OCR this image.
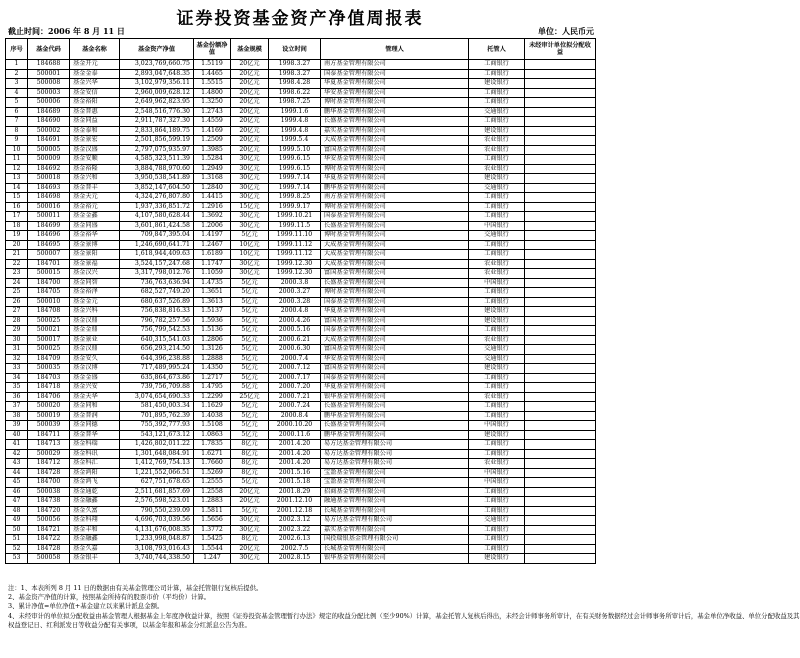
证券投资基金资产净值周报表
截止时间：2006 年 8 月 11 日	单位：人民币元
序号	基金代码	基金名称	基金资产净值	基金份额净值	基金规模	设立时间	管理人	托管人	未经审计单位拟分配收益
1	184688	基金开元	3,023,769,660.75	1.5119	20亿元	1998.3.27	南方基金管理有限公司	工商银行	
2	500001	基金金泰	2,893,047,648.35	1.4465	20亿元	1998.3.27	国泰基金管理有限公司	工商银行	
3	500008	基金兴华	3,102,979,356.11	1.5515	20亿元	1998.4.28	华夏基金管理有限公司	建设银行	
4	500003	基金安信	2,960,009,628.12	1.4800	20亿元	1998.6.22	华安基金管理有限公司	工商银行	
5	500006	基金裕阳	2,649,962,823.95	1.3250	20亿元	1998.7.25	博时基金管理有限公司	工商银行	
6	184689	基金普惠	2,548,516,776.30	1.2743	20亿元	1999.1.6	鹏华基金管理有限公司	交通银行	
7	184690	基金同益	2,911,787,327.30	1.4559	20亿元	1999.4.8	长盛基金管理有限公司	工商银行	
8	500002	基金泰和	2,833,864,189.75	1.4169	20亿元	1999.4.8	嘉实基金管理有限公司	建设银行	
9	184691	基金景宏	2,501,856,599.19	1.2509	20亿元	1999.5.4	大成基金管理有限公司	农业银行	
10	500005	基金汉盛	2,797,075,935.97	1.3985	20亿元	1999.5.10	富国基金管理有限公司	农业银行	
11	500009	基金安顺	4,585,323,511.39	1.5284	30亿元	1999.6.15	华安基金管理有限公司	工商银行	
12	184692	基金裕隆	3,884,788,970.60	1.2949	30亿元	1999.6.15	博时基金管理有限公司	农业银行	
13	500018	基金兴和	3,950,538,541.89	1.3168	30亿元	1999.7.14	华夏基金管理有限公司	建设银行	
14	184693	基金普丰	3,852,147,604.50	1.2840	30亿元	1999.7.14	鹏华基金管理有限公司	交通银行	
15	184698	基金天元	4,324,276,807.80	1.4415	30亿元	1999.8.25	南方基金管理有限公司	工商银行	
16	500016	基金裕元	1,937,336,851.72	1.2916	15亿元	1999.9.17	博时基金管理有限公司	工商银行	
17	500011	基金金鑫	4,107,580,628.44	1.3692	30亿元	1999.10.21	国泰基金管理有限公司	工商银行	
18	184699	基金同盛	3,601,861,424.58	1.2006	30亿元	1999.11.5	长盛基金管理有限公司	中国银行	
19	184696	基金裕华	709,847,395.04	1.4197	5亿元	1999.11.10	博时基金管理有限公司	交通银行	
20	184695	基金景博	1,246,690,641.71	1.2467	10亿元	1999.11.12	大成基金管理有限公司	工商银行	
21	500007	基金景阳	1,618,944,409.63	1.6189	10亿元	1999.11.12	大成基金管理有限公司	工商银行	
22	184701	基金景福	3,524,157,247.68	1.1747	30亿元	1999.12.30	大成基金管理有限公司	农业银行	
23	500015	基金汉兴	3,317,798,012.76	1.1059	30亿元	1999.12.30	富国基金管理有限公司	农业银行	
24	184700	基金同智	736,763,636.94	1.4735	5亿元	2000.3.8	长盛基金管理有限公司	中国银行	
25	184705	基金裕泽	682,527,749.20	1.3651	5亿元	2000.3.27	博时基金管理有限公司	工商银行	
26	500010	基金金元	680,637,526.89	1.3613	5亿元	2000.3.28	国泰基金管理有限公司	工商银行	
27	184708	基金兴科	756,838,816.33	1.5137	5亿元	2000.4.8	华夏基金管理有限公司	建设银行	
28	500025	基金汉鼎	796,782,257.56	1.5936	5亿元	2000.4.26	富国基金管理有限公司	建设银行	
29	500021	基金金鼎	756,799,542.53	1.5136	5亿元	2000.5.16	国泰基金管理有限公司	工商银行	
30	500017	基金景业	640,315,541.03	1.2806	5亿元	2000.6.21	大成基金管理有限公司	农业银行	
31	500025	基金汉鼎	656,293,214.50	1.3126	5亿元	2000.6.30	富国基金管理有限公司	交通银行	
32	184709	基金安久	644,396,238.88	1.2888	5亿元	2000.7.4	华安基金管理有限公司	交通银行	
33	500035	基金汉博	717,489,995.24	1.4350	5亿元	2000.7.12	富国基金管理有限公司	建设银行	
34	184703	基金金盛	635,864,673.86	1.2717	5亿元	2000.7.17	国泰基金管理有限公司	工商银行	
35	184718	基金兴安	739,756,709.88	1.4795	5亿元	2000.7.20	华夏基金管理有限公司	工商银行	
36	184706	基金天华	3,074,654,690.33	1.2299	25亿元	2000.7.21	银华基金管理有限公司	农业银行	
37	500020	基金同和	581,450,003.34	1.1629	5亿元	2000.7.24	长盛基金管理有限公司	工商银行	
38	500019	基金普润	701,895,762.39	1.4038	5亿元	2000.8.4	鹏华基金管理有限公司	工商银行	
39	500039	基金同德	755,392,777.93	1.5108	5亿元	2000.10.20	长盛基金管理有限公司	中国银行	
40	184711	基金普华	543,121,673.12	1.0863	5亿元	2000.11.6	鹏华基金管理有限公司	建设银行	
41	184713	基金科瑞	1,426,802,011.22	1.7835	8亿元	2001.4.20	易方达基金管理有限公司	工商银行	
42	500029	基金科讯	1,301,648,084.91	1.6271	8亿元	2001.4.20	易方达基金管理有限公司	工商银行	
43	184712	基金科汇	1,412,769,754.13	1.7660	8亿元	2001.4.20	易方达基金管理有限公司	农业银行	
44	184728	基金鸿阳	1,221,552,066.51	1.5269	8亿元	2001.5.16	宝盈基金管理有限公司	中国银行	
45	184700	基金鸿飞	627,751,678.65	1.2555	5亿元	2001.5.18	宝盈基金管理有限公司	中国银行	
46	500038	基金通乾	2,511,681,857.69	1.2558	20亿元	2001.8.29	招商基金管理有限公司	工商银行	
47	184738	基金融鑫	2,576,598,523.01	1.2883	20亿元	2001.12.10	融通基金管理有限公司	工商银行	
48	184720	基金久富	790,550,239.09	1.5811	5亿元	2001.12.18	长城基金管理有限公司	工商银行	
49	500056	基金科翔	4,696,703,039.56	1.5656	30亿元	2002.3.12	易方达基金管理有限公司	交通银行	
50	184721	基金丰和	4,131,676,008.35	1.3772	30亿元	2002.3.22	嘉实基金管理有限公司	工商银行	
51	184722	基金融鑫	1,233,998,048.87	1.5425	8亿元	2002.6.13	国投瑞银基金管理有限公司	工商银行	
52	184728	基金久嘉	3,108,793,016.43	1.5544	20亿元	2002.7.5	长城基金管理有限公司	工商银行	
53	500058	基金银丰	3,740,744,338.50	1.247	30亿元	2002.8.15	银华基金管理有限公司	建设银行	
注：1、本表所列 8 月 11 日的数据由有关基金管理公司计算，基金托管银行复核后提供。
2、基金资产净值的计算，按照基金所持有的股票市价（平均价）计算。
3、累计净值=单位净值+基金建立以来累计派息金额。
4、未经审计的单位拟分配收益由基金管理人根据基金上年度净收益计算，按照《证券投资基金管理暂行办法》规定的收益分配比例（至少90%）计算，基金托管人复核后得出，未经会计师事务所审计，在有关财务数据经过会计师事务所审计后，基金单位净收益、单位分配收益及其
权益登记日、红利派发日等收益分配有关事项，以基金年报和基金分红派息公告为准。
